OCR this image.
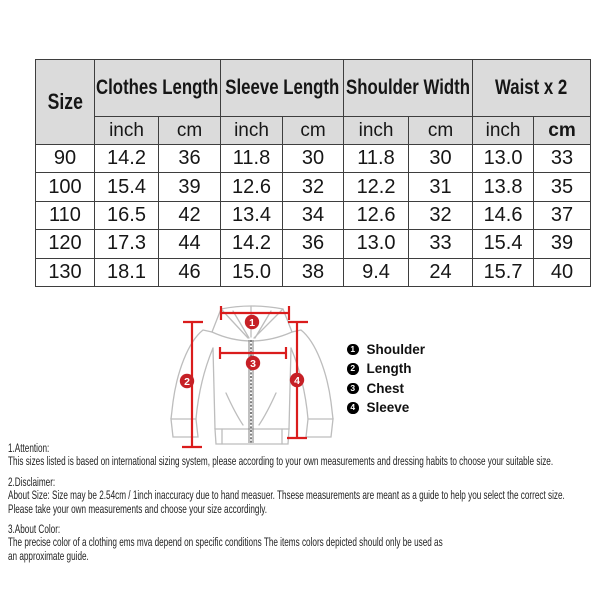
Size	Clothes Length		Sleeve Length		Shoulder Width		Waist x 2	
	inch	cm	inch	cm	inch	cm	inch	cm
90	14.2	36	11.8	30	11.8	30	13.0	33
100	15.4	39	12.6	32	12.2	31	13.8	35
110	16.5	42	13.4	34	12.6	32	14.6	37
120	17.3	44	14.2	36	13.0	33	15.4	39
130	18.1	46	15.0	38	9.4	24	15.7	40
1
2
3
4
1 Shoulder
2 Length
3 Chest
4 Sleeve
1.Attention:
This sizes listed is based on international sizing system, please according to your own measurements and dressing habits to choose your suitable size.
2.Disclaimer:
About Size: Size may be 2.54cm / 1inch inaccuracy due to hand measuer. Thsese measurements are meant as a guide to help you select the correct size.
Please take your own measurements and choose your size accordingly.
3.About Color:
The precise color of a clothing ems mva depend on specific conditions The items colors depicted should only be used as
an approximate guide.
